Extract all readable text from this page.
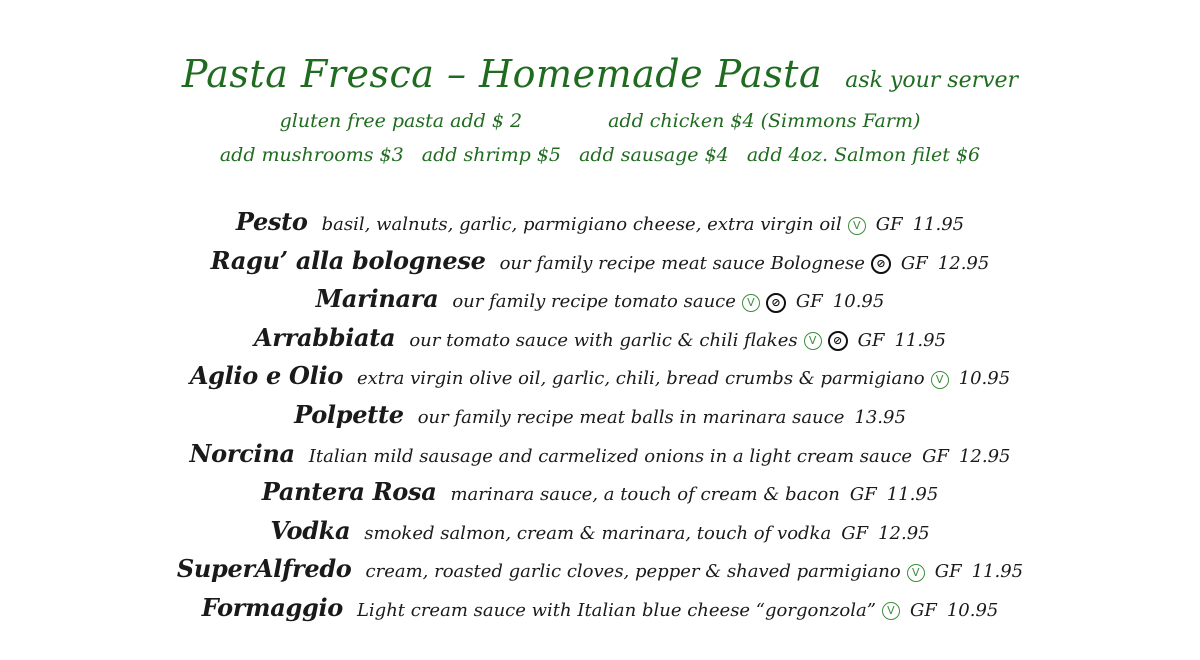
Pasta Fresca – Homemade Pasta ask your server
gluten free pasta add $ 2	add chicken $4 (Simmons Farm)
add mushrooms $3 add shrimp $5 add sausage $4 add 4oz. Salmon filet $6
Pesto basil, walnuts, garlic, parmigiano cheese, extra virgin oil V GF 11.95
Ragu’ alla bolognese our family recipe meat sauce Bolognese ⊘ GF 12.95
Marinara our family recipe tomato sauce V ⊘ GF 10.95
Arrabbiata our tomato sauce with garlic & chili flakes V ⊘ GF 11.95
Aglio e Olio extra virgin olive oil, garlic, chili, bread crumbs & parmigiano V 10.95
Polpette our family recipe meat balls in marinara sauce 13.95
Norcina Italian mild sausage and carmelized onions in a light cream sauce GF 12.95
Pantera Rosa marinara sauce, a touch of cream & bacon GF 11.95
Vodka smoked salmon, cream & marinara, touch of vodka GF 12.95
SuperAlfredo cream, roasted garlic cloves, pepper & shaved parmigiano V GF 11.95
Formaggio Light cream sauce with Italian blue cheese “gorgonzola” V GF 10.95
